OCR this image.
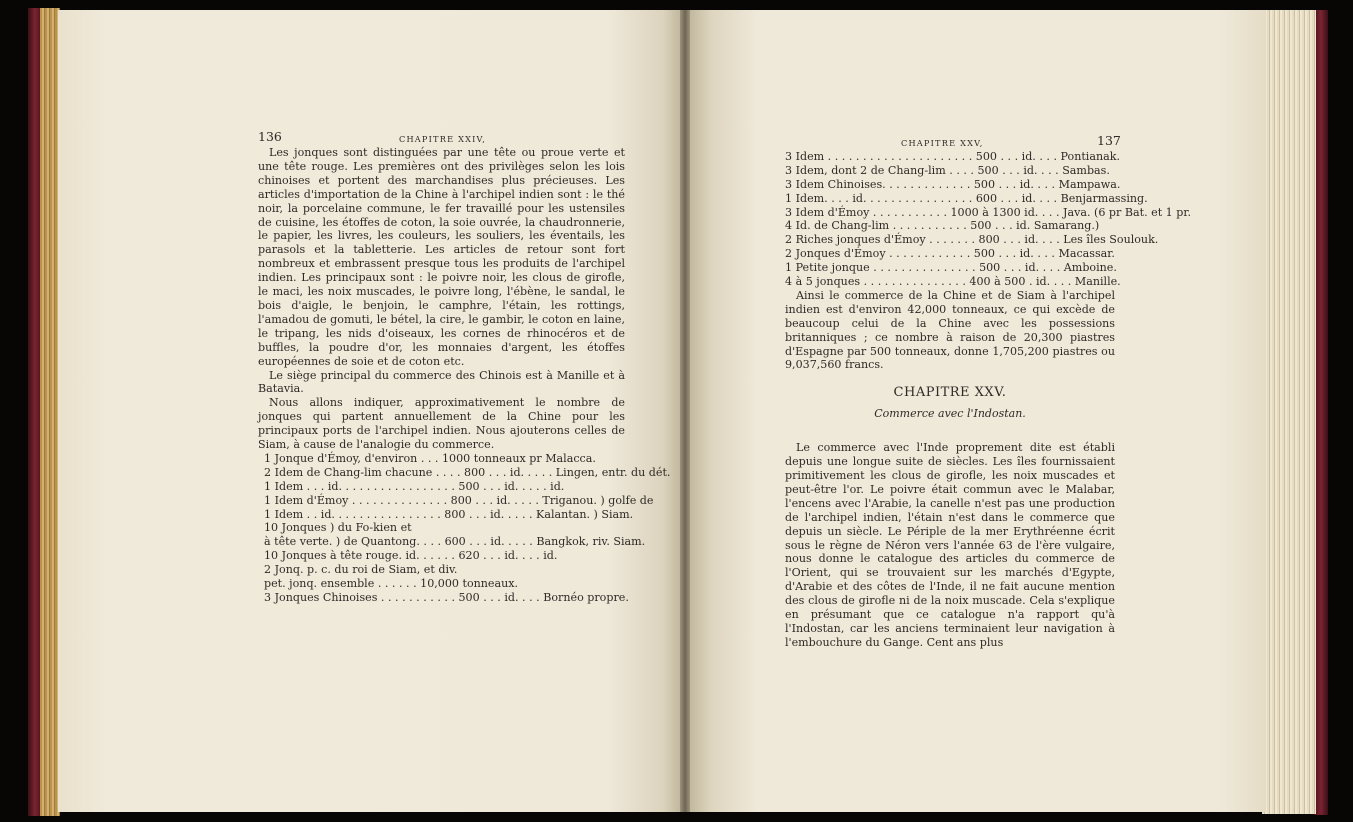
136	CHAPITRE XXIV,

Les jonques sont distinguées par une tête ou proue verte et une tête rouge. Les premières ont des privilèges selon les lois chinoises et portent des marchandises plus précieuses. Les articles d'importation de la Chine à l'archipel indien sont : le thé noir, la porcelaine commune, le fer travaillé pour les ustensiles de cuisine, les étoffes de coton, la soie ouvrée, la chaudronnerie, le papier, les livres, les couleurs, les souliers, les éventails, les parasols et la tabletterie. Les articles de retour sont fort nombreux et embrassent presque tous les produits de l'archipel indien. Les principaux sont : le poivre noir, les clous de girofle, le maci, les noix muscades, le poivre long, l'ébène, le sandal, le bois d'aigle, le benjoin, le camphre, l'étain, les rottings, l'amadou de gomuti, le bétel, la cire, le gambir, le coton en laine, le tripang, les nids d'oiseaux, les cornes de rhinocéros et de buffles, la poudre d'or, les monnaies d'argent, les étoffes européennes de soie et de coton etc.

Le siège principal du commerce des Chinois est à Manille et à Batavia.

Nous allons indiquer, approximativement le nombre de jonques qui partent annuellement de la Chine pour les principaux ports de l'archipel indien. Nous ajouterons celles de Siam, à cause de l'analogie du commerce.

1 Jonque d'Émoy, d'environ . . . 1000 tonneaux pr Malacca.
2 Idem de Chang-lim chacune . . . . 800 . . . id. . . . . Lingen, entr. du dét.
1 Idem . . . id. . . . . . . . . . . . . . . . . 500 . . . id. . . . . id.
1 Idem d'Émoy . . . . . . . . . . . . . . 800 . . . id. . . . . Triganou. ) golfe de
1 Idem . . id. . . . . . . . . . . . . . . . 800 . . . id. . . . . Kalantan. ) Siam.
10 Jonques ) du Fo-kien et
à tête verte. ) de Quantong. . . . 600 . . . id. . . . . Bangkok, riv. Siam.
10 Jonques à tête rouge. id. . . . . . 620 . . . id. . . . id.
2 Jonq. p. c. du roi de Siam, et div.
pet. jonq. ensemble . . . . . . 10,000 tonneaux.
3 Jonques Chinoises . . . . . . . . . . . 500 . . . id. . . . Bornéo propre.
CHAPITRE XXV,	137
3 Idem . . . . . . . . . . . . . . . . . . . . . 500 . . . id. . . . Pontianak.
3 Idem, dont 2 de Chang-lim . . . . 500 . . . id. . . . Sambas.
3 Idem Chinoises. . . . . . . . . . . . . 500 . . . id. . . . Mampawa.
1 Idem. . . . id. . . . . . . . . . . . . . . . 600 . . . id. . . . Benjarmassing.
3 Idem d'Émoy . . . . . . . . . . . 1000 à 1300 id. . . . Java. (6 pr Bat. et 1 pr.
4 Id. de Chang-lim . . . . . . . . . . . 500 . . . id. Samarang.)
2 Riches jonques d'Émoy . . . . . . . 800 . . . id. . . . Les îles Soulouk.
2 Jonques d'Émoy . . . . . . . . . . . . 500 . . . id. . . . Macassar.
1 Petite jonque . . . . . . . . . . . . . . . 500 . . . id. . . . Amboine.
4 à 5 jonques . . . . . . . . . . . . . . . 400 à 500 . id. . . . Manille.

Ainsi le commerce de la Chine et de Siam à l'archipel indien est d'environ 42,000 tonneaux, ce qui excède de beaucoup celui de la Chine avec les possessions britanniques ; ce nombre à raison de 20,300 piastres d'Espagne par 500 tonneaux, donne 1,705,200 piastres ou 9,037,560 francs.

CHAPITRE XXV.
Commerce avec l'Indostan.

Le commerce avec l'Inde proprement dite est établi depuis une longue suite de siècles. Les îles fournissaient primitivement les clous de girofle, les noix muscades et peut-être l'or. Le poivre était commun avec le Malabar, l'encens avec l'Arabie, la canelle n'est pas une production de l'archipel indien, l'étain n'est dans le commerce que depuis un siècle. Le Périple de la mer Erythréenne écrit sous le règne de Néron vers l'année 63 de l'ère vulgaire, nous donne le catalogue des articles du commerce de l'Orient, qui se trouvaient sur les marchés d'Egypte, d'Arabie et des côtes de l'Inde, il ne fait aucune mention des clous de girofle ni de la noix muscade. Cela s'explique en présumant que ce catalogue n'a rapport qu'à l'Indostan, car les anciens terminaient leur navigation à l'embouchure du Gange. Cent ans plus
